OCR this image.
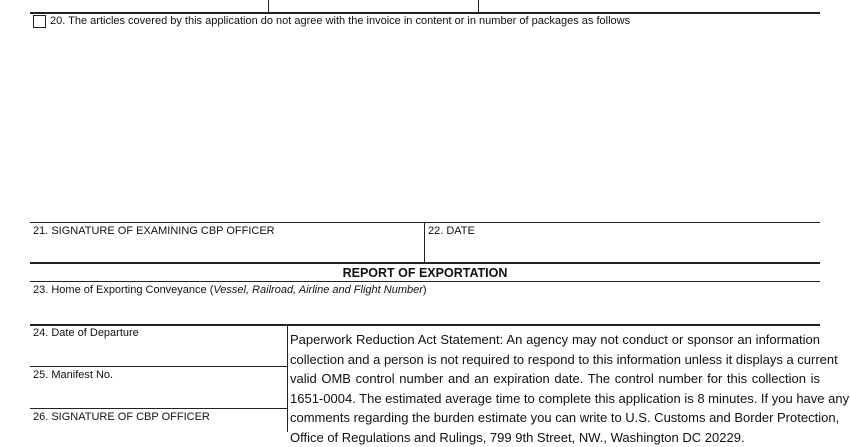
20. The articles covered by this application do not agree with the invoice in content or in number of packages as follows
21. SIGNATURE OF EXAMINING CBP OFFICER	22. DATE
REPORT OF EXPORTATION
23. Home of Exporting Conveyance (Vessel, Railroad, Airline and Flight Number)
24. Date of Departure
25. Manifest No.
26. SIGNATURE OF CBP OFFICER
Paperwork Reduction Act Statement: An agency may not conduct or sponsor an information
collection and a person is not required to respond to this information unless it displays a current
valid OMB control number and an expiration date. The control number for this collection is
1651-0004. The estimated average time to complete this application is 8 minutes. If you have any
comments regarding the burden estimate you can write to U.S. Customs and Border Protection,
Office of Regulations and Rulings, 799 9th Street, NW., Washington DC 20229.
